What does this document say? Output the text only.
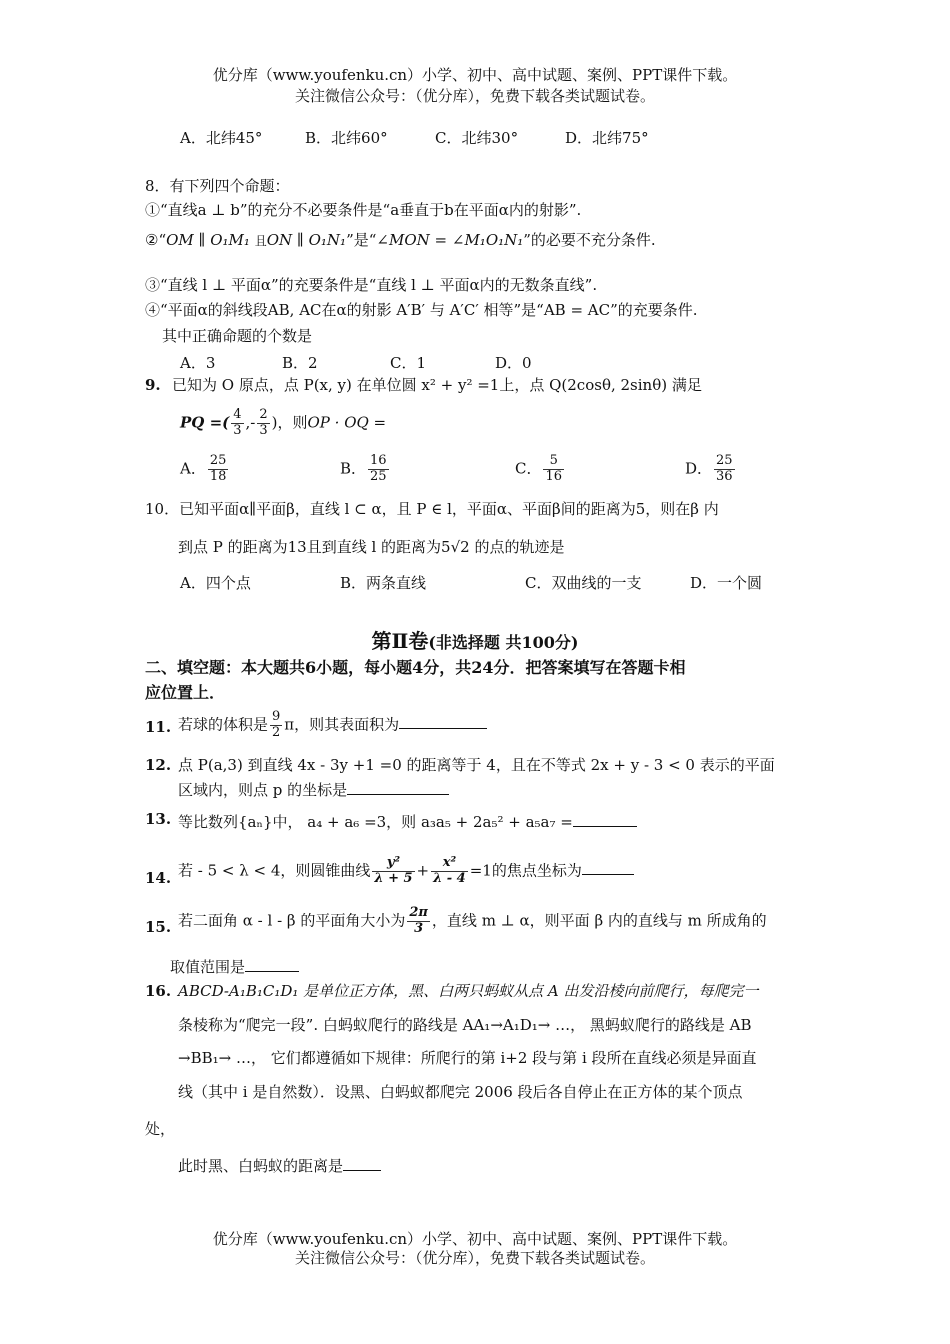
优分库（www.youfenku.cn）小学、初中、高中试题、案例、PPT课件下载。
关注微信公众号：（优分库），免费下载各类试题试卷。
A．北纬45°	B．北纬60°	C．北纬30°	D．北纬75°
8．有下列四个命题：
①“直线a ⊥ b”的充分不必要条件是“a垂直于b在平面α内的射影”.
②“OM ∥ O₁M₁ 且ON ∥ O₁N₁”是“∠MON = ∠M₁O₁N₁”的必要不充分条件.
③“直线 l ⊥ 平面α”的充要条件是“直线 l ⊥ 平面α内的无数条直线”.
④“平面α的斜线段AB, AC在α的射影 A′B′ 与 A′C′ 相等”是“AB = AC”的充要条件.
其中正确命题的个数是
A．3	B．2	C．1	D．0
9. 已知为 O 原点，点 P(x, y) 在单位圆 x² + y² =1上，点 Q(2cosθ, 2sinθ) 满足
PQ =( $\frac{4}{3}$ ,- $\frac{2}{3}$ )，则OP · OQ =
A． $\frac{25}{18}$	B． $\frac{16}{25}$	C． $\frac{5}{16}$	D． $\frac{25}{36}$
10．已知平面α∥平面β，直线 l ⊂ α，且 P ∈ l，平面α、平面β间的距离为5，则在β 内
到点 P 的距离为13且到直线 l 的距离为5√2 的点的轨迹是
A．四个点	B．两条直线	C．双曲线的一支	D．一个圆
第Ⅱ卷(非选择题 共100分)
二、填空题：本大题共6小题，每小题4分，共24分．把答案填写在答题卡相
应位置上．
11. 若球的体积是 $\frac{9}{2}$ π，则其表面积为
12. 点 P(a,3) 到直线 4x - 3y +1 =0 的距离等于 4，且在不等式 2x + y - 3 < 0 表示的平面
区域内，则点 p 的坐标是
13. 等比数列{aₙ}中， a₄ + a₆ =3，则 a₃a₅ + 2a₅² + a₅a₇ =
14. 若 - 5 < λ < 4，则圆锥曲线 $\frac{\text{y²}}{\lambda + 5} + \frac{\text{x²}}{\lambda - 4} =1$的焦点坐标为
15. 若二面角 α - l - β 的平面角大小为 $\frac{2\pi}{3}$ ，直线 m ⊥ α，则平面 β 内的直线与 m 所成角的
取值范围是
16. ABCD-A₁B₁C₁D₁ 是单位正方体，黑、白两只蚂蚁从点 A 出发沿棱向前爬行，每爬完一
条棱称为“爬完一段”. 白蚂蚁爬行的路线是 AA₁→A₁D₁→ …， 黑蚂蚁爬行的路线是 AB
→BB₁→ …， 它们都遵循如下规律：所爬行的第 i+2 段与第 i 段所在直线必须是异面直
线（其中 i 是自然数）．设黑、白蚂蚁都爬完 2006 段后各自停止在正方体的某个顶点
处，
此时黑、白蚂蚁的距离是
优分库（www.youfenku.cn）小学、初中、高中试题、案例、PPT课件下载。
关注微信公众号：（优分库），免费下载各类试题试卷。
